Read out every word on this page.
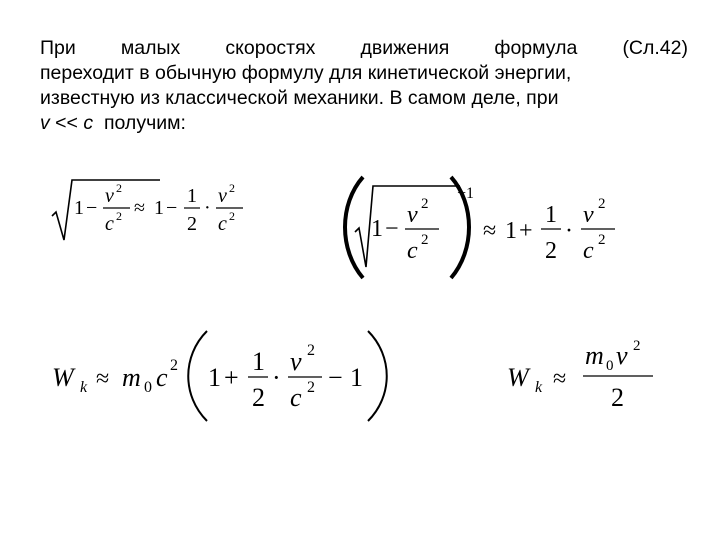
При малых скоростях движения формула (Сл.42)
переходит в обычную формулу для кинетической энергии,
известную из классической механики. В самом деле, при
v << c  получим:
1 −
v 2
c 2 ≈ 1 −
1
2
·
v 2
c 2	1 −
v 2
c 2
−1
≈ 1 +
1
2
·
v 2
c 2
W k ≈ m 0 c 2 1 +
1
2
·
v 2
c 2 − 1	W k ≈
m 0 v 2
2
